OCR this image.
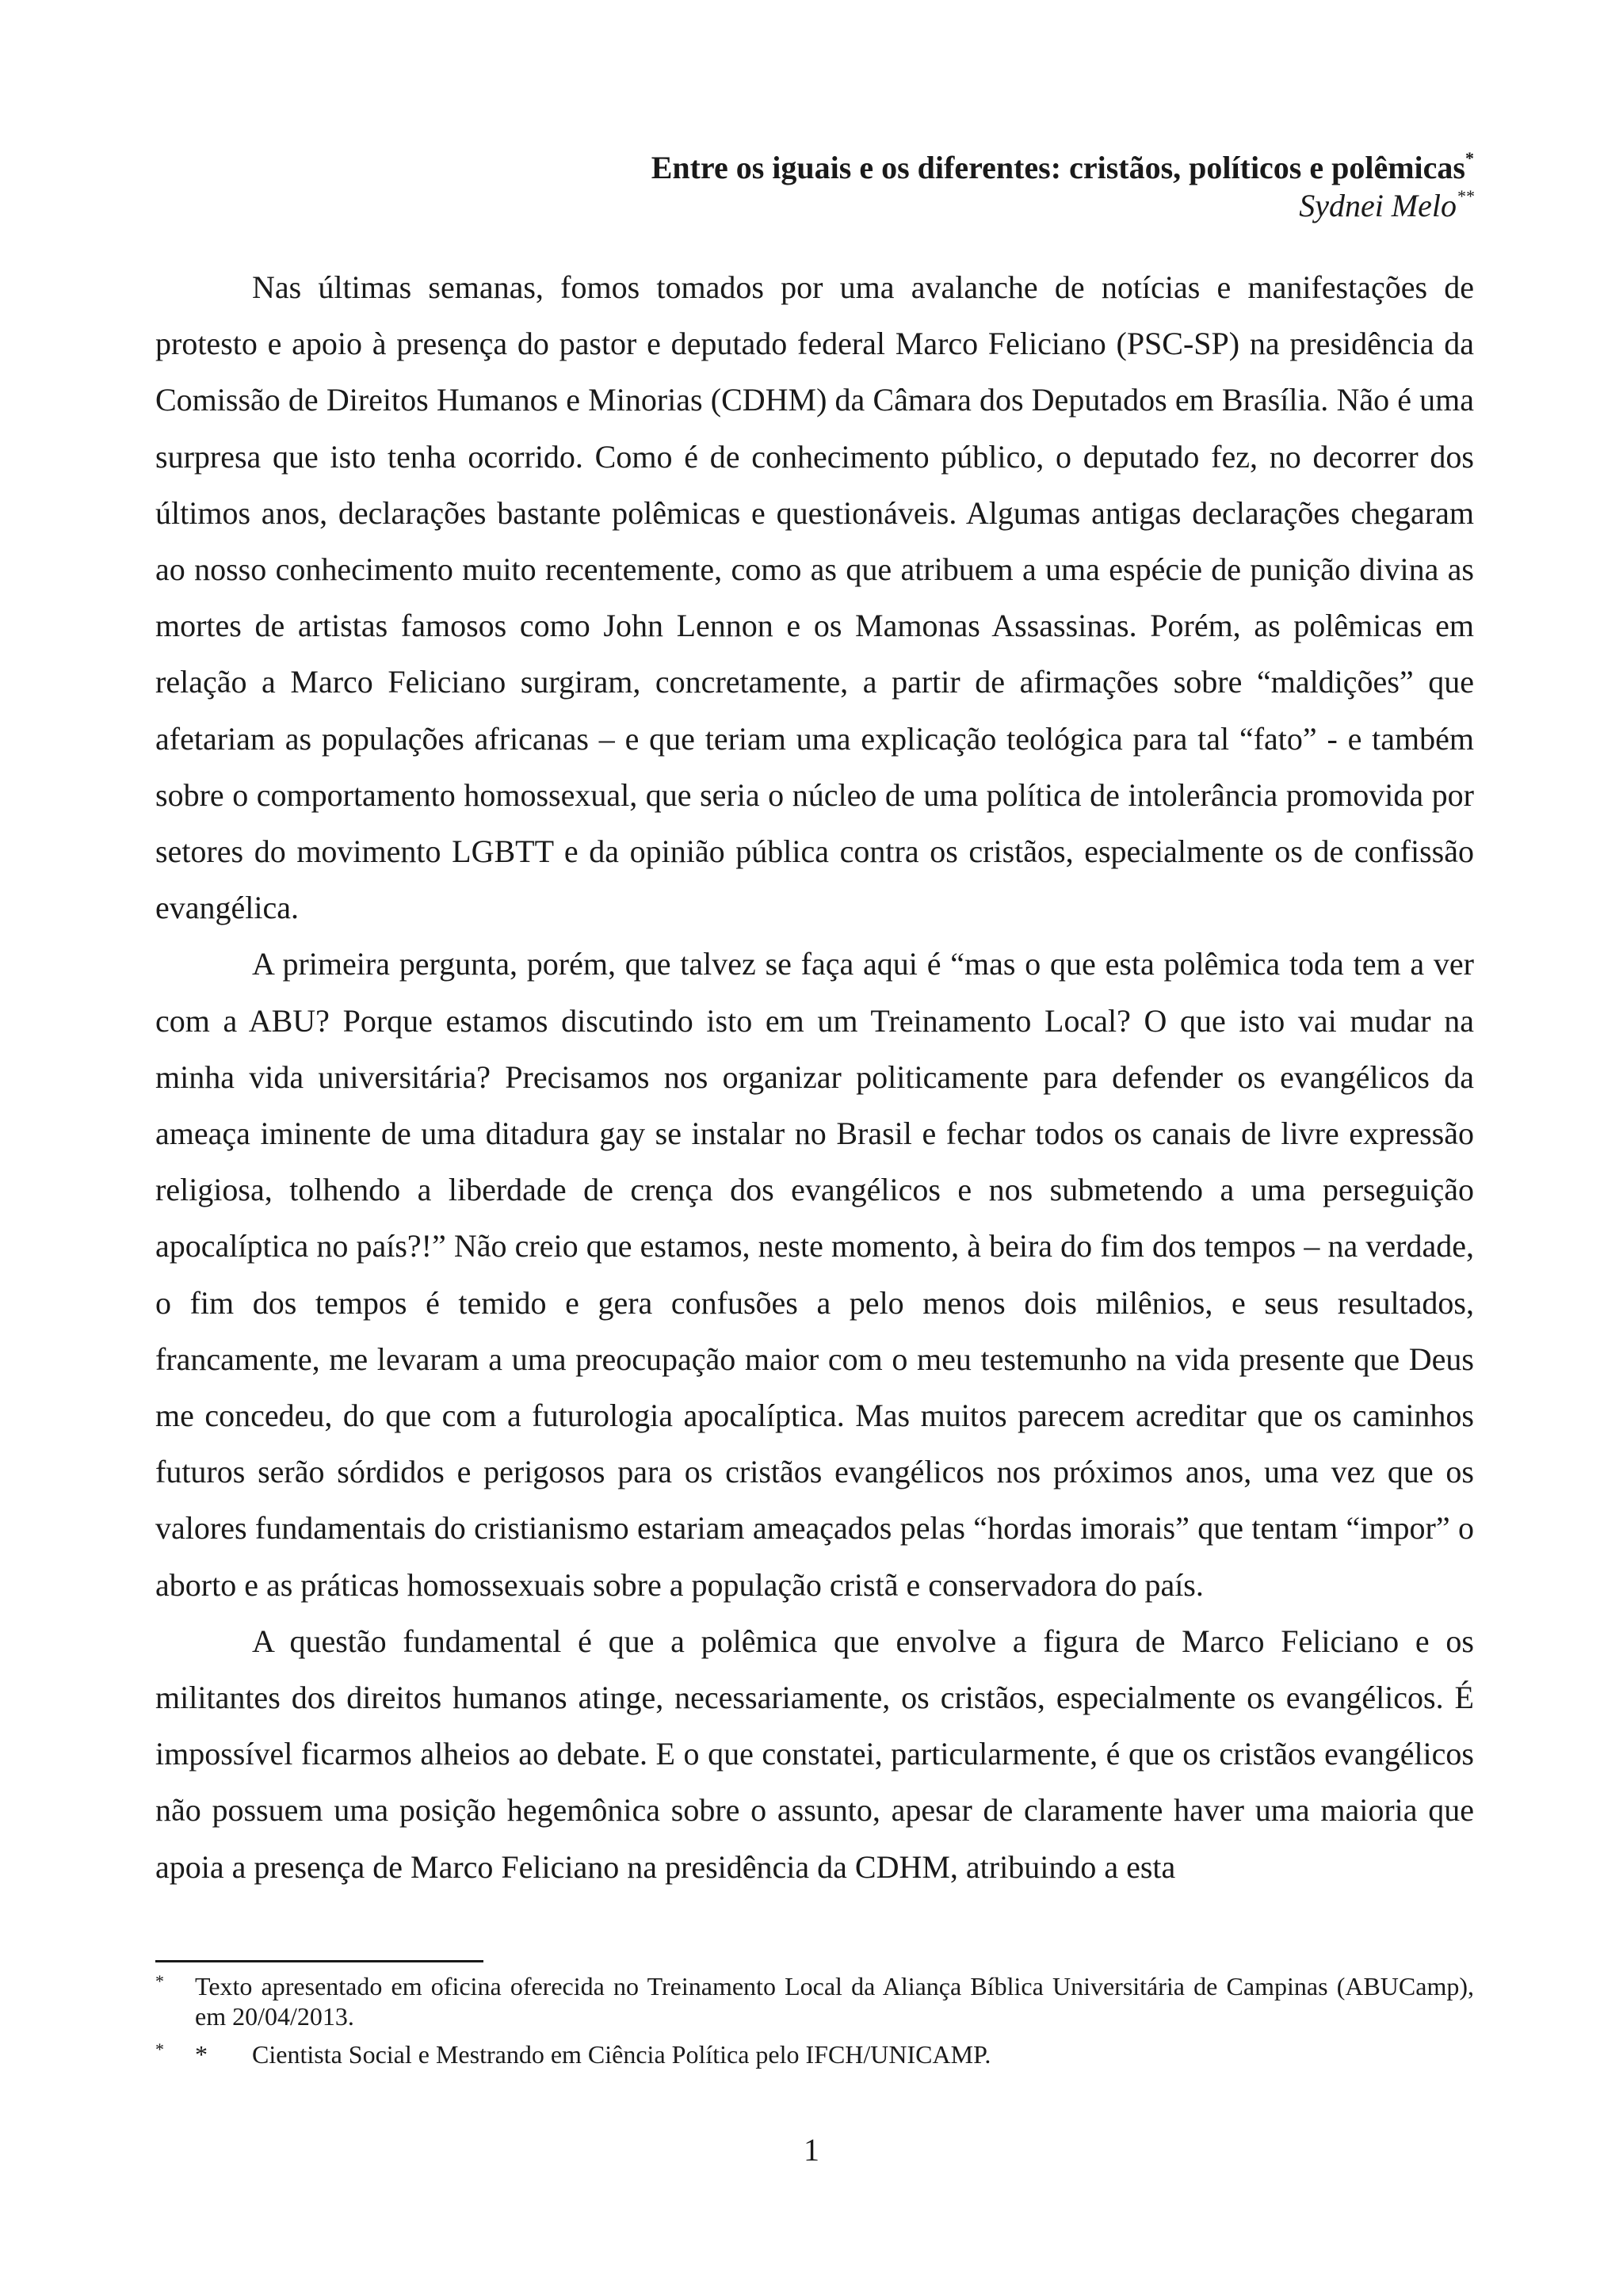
Entre os iguais e os diferentes: cristãos, políticos e polêmicas*
Sydnei Melo**

Nas últimas semanas, fomos tomados por uma avalanche de notícias e manifestações de protesto e apoio à presença do pastor e deputado federal Marco Feliciano (PSC-SP) na presidência da Comissão de Direitos Humanos e Minorias (CDHM) da Câmara dos Deputados em Brasília. Não é uma surpresa que isto tenha ocorrido. Como é de conhecimento público, o deputado fez, no decorrer dos últimos anos, declarações bastante polêmicas e questionáveis. Algumas antigas declarações chegaram ao nosso conhecimento muito recentemente, como as que atribuem a uma espécie de punição divina as mortes de artistas famosos como John Lennon e os Mamonas Assassinas. Porém, as polêmicas em relação a Marco Feliciano surgiram, concretamente, a partir de afirmações sobre “maldições” que afetariam as populações africanas – e que teriam uma explicação teológica para tal “fato” - e também sobre o comportamento homossexual, que seria o núcleo de uma política de intolerância promovida por setores do movimento LGBTT e da opinião pública contra os cristãos, especialmente os de confissão evangélica.

A primeira pergunta, porém, que talvez se faça aqui é “mas o que esta polêmica toda tem a ver com a ABU? Porque estamos discutindo isto em um Treinamento Local? O que isto vai mudar na minha vida universitária? Precisamos nos organizar politicamente para defender os evangélicos da ameaça iminente de uma ditadura gay se instalar no Brasil e fechar todos os canais de livre expressão religiosa, tolhendo a liberdade de crença dos evangélicos e nos submetendo a uma perseguição apocalíptica no país?!” Não creio que estamos, neste momento, à beira do fim dos tempos – na verdade, o fim dos tempos é temido e gera confusões a pelo menos dois milênios, e seus resultados, francamente, me levaram a uma preocupação maior com o meu testemunho na vida presente que Deus me concedeu, do que com a futurologia apocalíptica. Mas muitos parecem acreditar que os caminhos futuros serão sórdidos e perigosos para os cristãos evangélicos nos próximos anos, uma vez que os valores fundamentais do cristianismo estariam ameaçados pelas “hordas imorais” que tentam “impor” o aborto e as práticas homossexuais sobre a população cristã e conservadora do país.

A questão fundamental é que a polêmica que envolve a figura de Marco Feliciano e os militantes dos direitos humanos atinge, necessariamente, os cristãos, especialmente os evangélicos. É impossível ficarmos alheios ao debate. E o que constatei, particularmente, é que os cristãos evangélicos não possuem uma posição hegemônica sobre o assunto, apesar de claramente haver uma maioria que apoia a presença de Marco Feliciano na presidência da CDHM, atribuindo a esta

* Texto apresentado em oficina oferecida no Treinamento Local da Aliança Bíblica Universitária de Campinas (ABUCamp), em 20/04/2013.
* * Cientista Social e Mestrando em Ciência Política pelo IFCH/UNICAMP.
1
